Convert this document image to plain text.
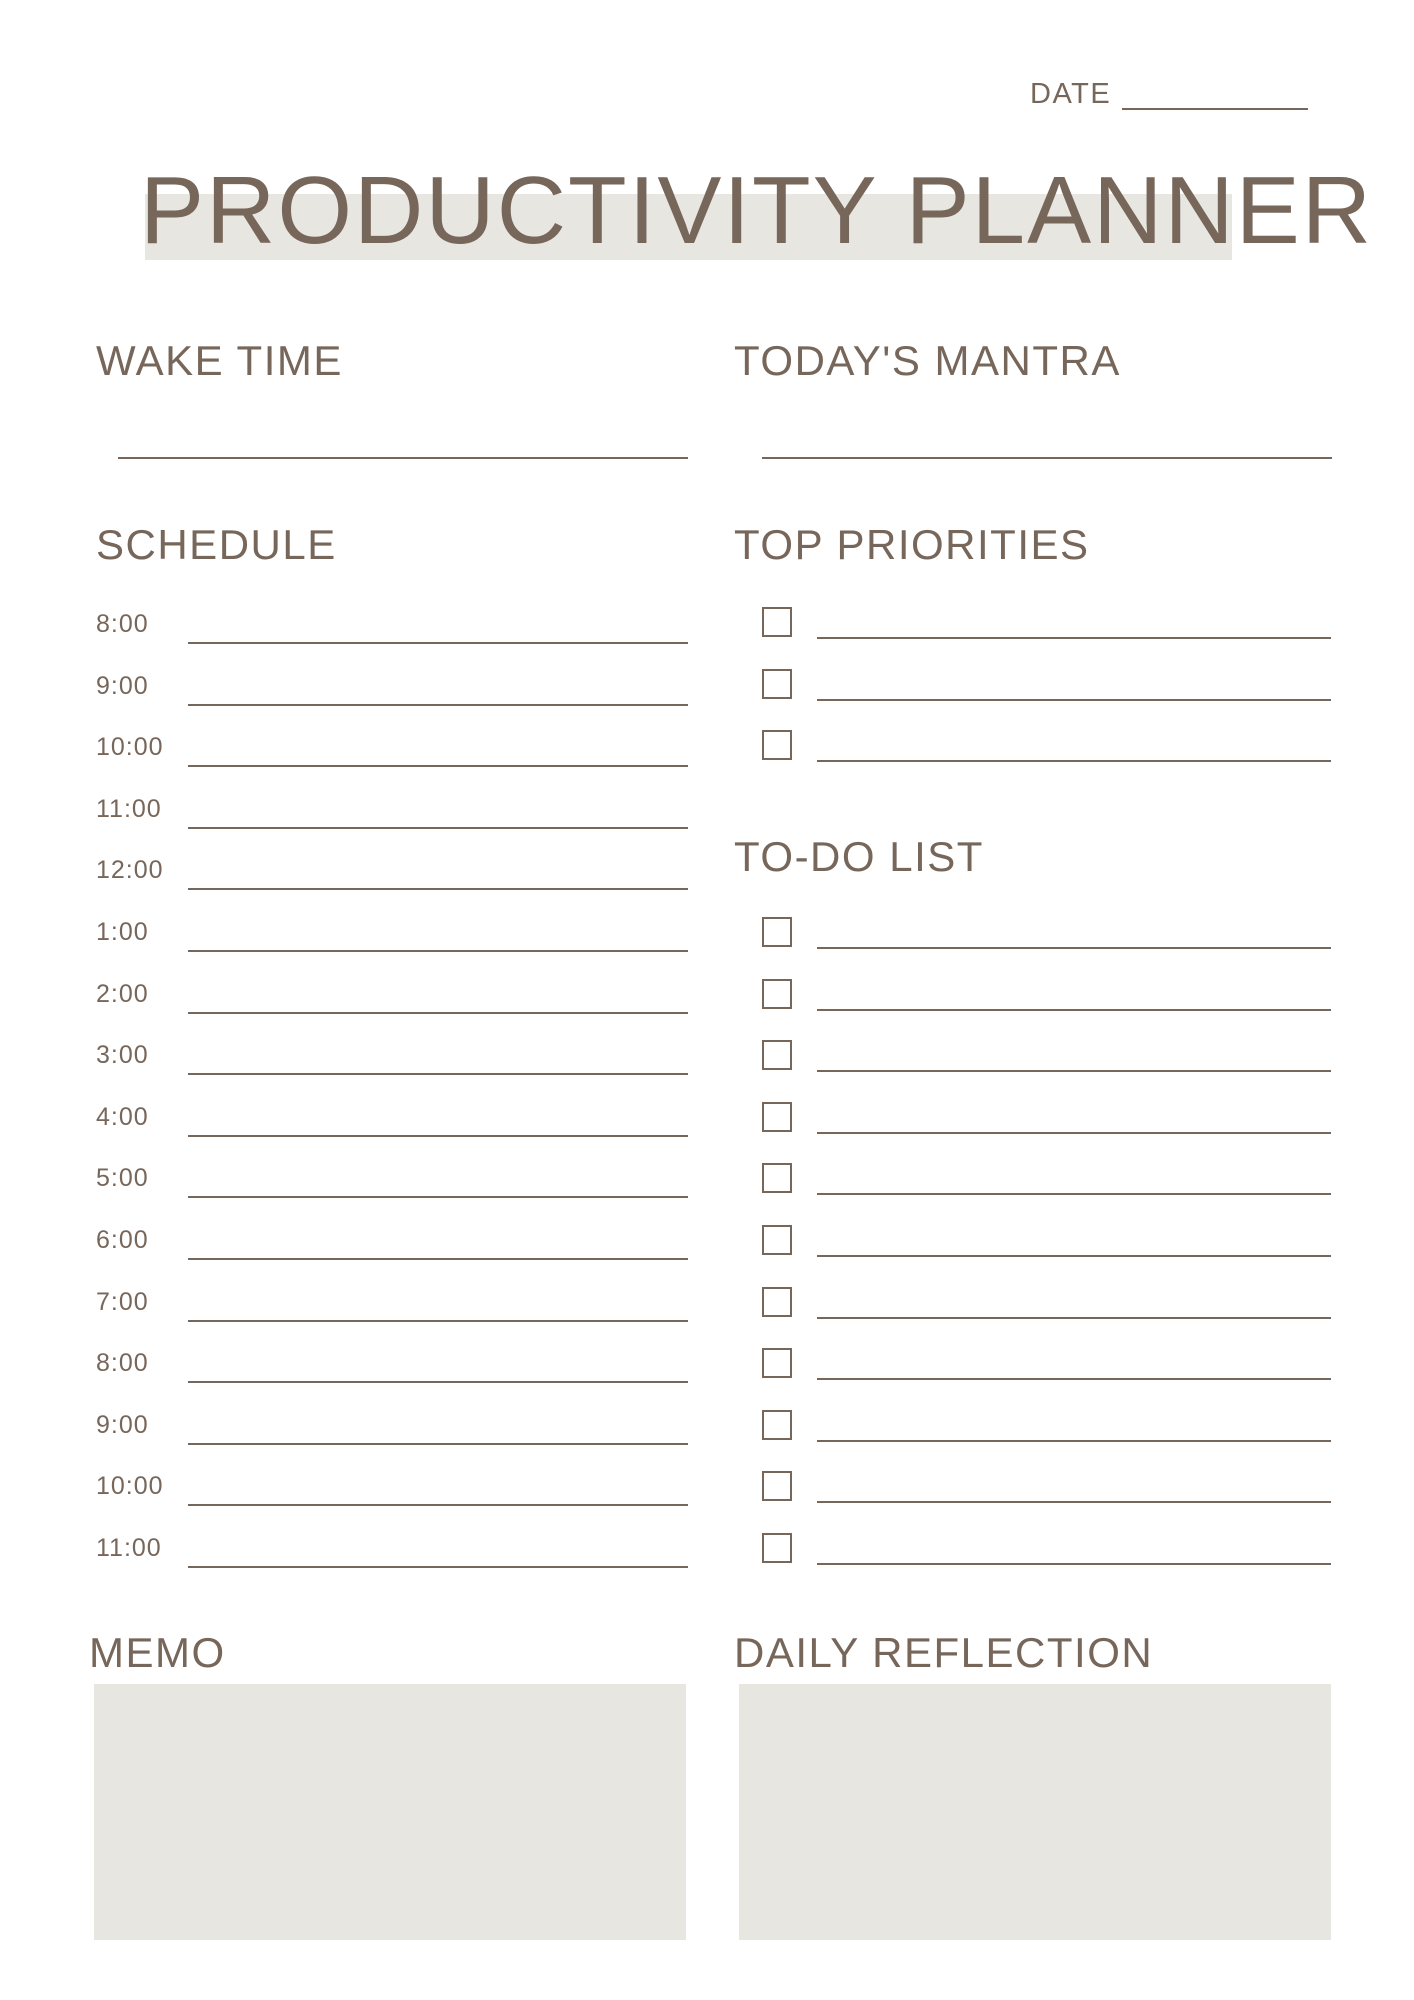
DATE
PRODUCTIVITY PLANNER
WAKE TIME	TODAY'S MANTRA
SCHEDULE	TOP PRIORITIES
TO-DO LIST
MEMO	DAILY REFLECTION
8:00
9:00
10:00
11:00
12:00
1:00
2:00
3:00
4:00
5:00
6:00
7:00
8:00
9:00
10:00
11:00
